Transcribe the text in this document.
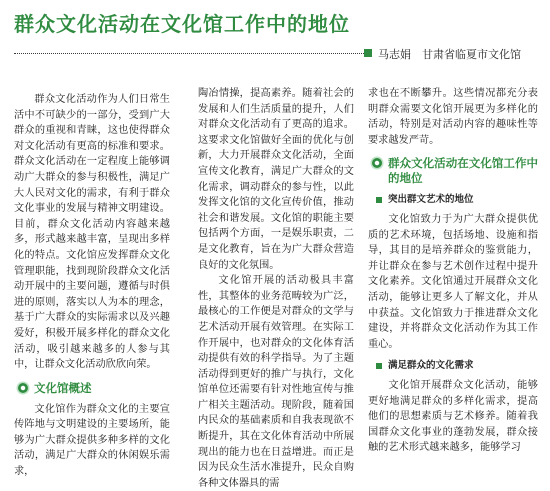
群众文化活动在文化馆工作中的地位
马志娟　甘肃省临夏市文化馆

群众文化活动作为人们日常生活中不可缺少的一部分，受到广大群众的重视和青睐，这也使得群众对文化活动有更高的标准和要求。群众文化活动在一定程度上能够调动广大群众的参与积极性，满足广大人民对文化的需求，有利于群众文化事业的发展与精神文明建设。目前，群众文化活动内容越来越多，形式越来越丰富，呈现出多样化的特点。文化馆应发挥群众文化管理职能，找到现阶段群众文化活动开展中的主要问题，遵循与时俱进的原则，落实以人为本的理念，基于广大群众的实际需求以及兴趣爱好，积极开展多样化的群众文化活动，吸引越来越多的人参与其中，让群众文化活动欣欣向荣。

文化馆概述

文化馆作为群众文化的主要宣传阵地与文明建设的主要场所，能够为广大群众提供多种多样的文化活动，满足广大群众的休闲娱乐需求，

陶冶情操，提高素养。随着社会的发展和人们生活质量的提升，人们对群众文化活动有了更高的追求。这要求文化馆做好全面的优化与创新，大力开展群众文化活动，全面宣传文化教育，满足广大群众的文化需求，调动群众的参与性，以此发挥文化馆的文化宣传价值，推动社会和谐发展。文化馆的职能主要包括两个方面，一是娱乐职责，二是文化教育，旨在为广大群众营造良好的文化氛围。

文化馆开展的活动极具丰富性，其整体的业务范畴较为广泛，最核心的工作便是对群众的文学与艺术活动开展有效管理。在实际工作开展中，也对群众的文化体育活动提供有效的科学指导。为了主题活动得到更好的推广与执行，文化馆单位还需要有针对性地宣传与推广相关主题活动。现阶段，随着国内民众的基础素质和自我表现欲不断提升，其在文化体育活动中所展现出的能力也在日益增进。而正是因为民众生活水准提升，民众自购各种文体器具的需

求也在不断攀升。这些情况都充分表明群众需要文化馆开展更为多样化的活动，特别是对活动内容的趣味性等要求越发严苛。

群众文化活动在文化馆工作中的地位
突出群文艺术的地位

文化馆致力于为广大群众提供优质的艺术环境，包括场地、设施和指导，其目的是培养群众的鉴赏能力，并让群众在参与艺术创作过程中提升文化素养。文化馆通过开展群众文化活动，能够让更多人了解文化，并从中获益。文化馆致力于推进群众文化建设，并将群众文化活动作为其工作重心。

满足群众的文化需求

文化馆开展群众文化活动，能够更好地满足群众的多样化需求，提高他们的思想素质与艺术修养。随着我国群众文化事业的蓬勃发展，群众接触的艺术形式越来越多，能够学习
